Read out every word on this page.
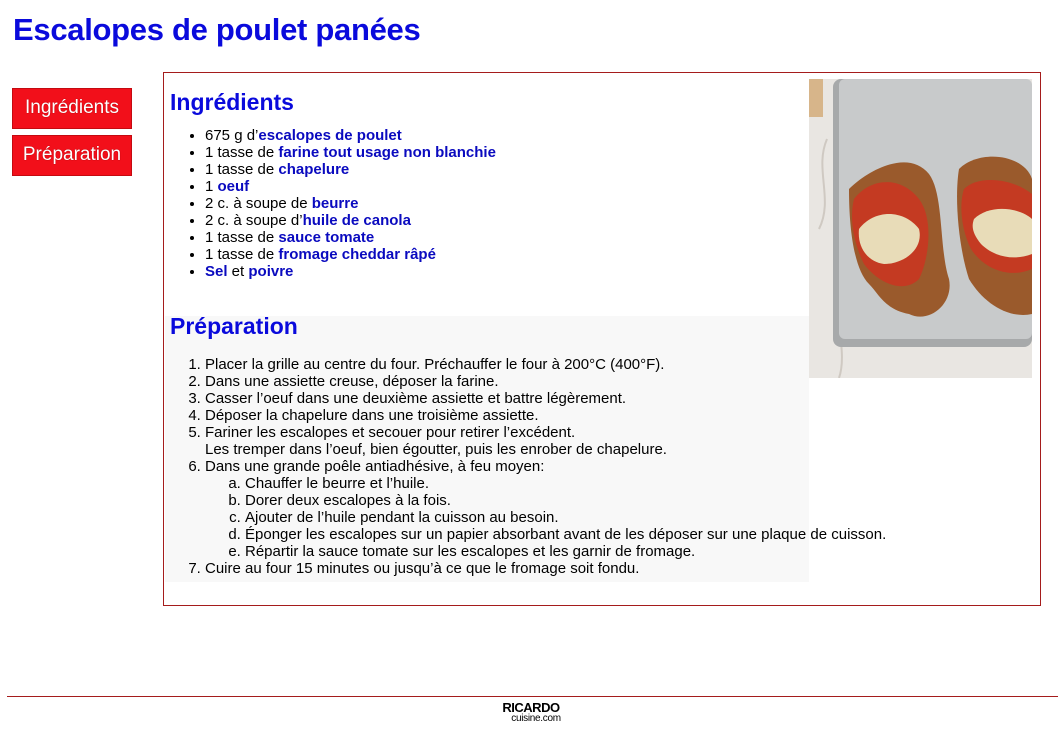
Escalopes de poulet panées
Ingrédients
Préparation
Ingrédients
• 675 g d’escalopes de poulet
• 1 tasse de farine tout usage non blanchie
• 1 tasse de chapelure
• 1 oeuf
• 2 c. à soupe de beurre
• 2 c. à soupe d’huile de canola
• 1 tasse de sauce tomate
• 1 tasse de fromage cheddar râpé
• Sel et poivre
Préparation
1. Placer la grille au centre du four. Préchauffer le four à 200°C (400°F).
2. Dans une assiette creuse, déposer la farine.
3. Casser l’oeuf dans une deuxième assiette et battre légèrement.
4. Déposer la chapelure dans une troisième assiette.
5. Fariner les escalopes et secouer pour retirer l’excédent.
Les tremper dans l’oeuf, bien égoutter, puis les enrober de chapelure.
6. Dans une grande poêle antiadhésive, à feu moyen:
a. Chauffer le beurre et l’huile.
b. Dorer deux escalopes à la fois.
c. Ajouter de l’huile pendant la cuisson au besoin.
d. Éponger les escalopes sur un papier absorbant avant de les déposer sur une plaque de cuisson.
e. Répartir la sauce tomate sur les escalopes et les garnir de fromage.
7. Cuire au four 15 minutes ou jusqu’à ce que le fromage soit fondu.
RICARDO
cuisine.com
